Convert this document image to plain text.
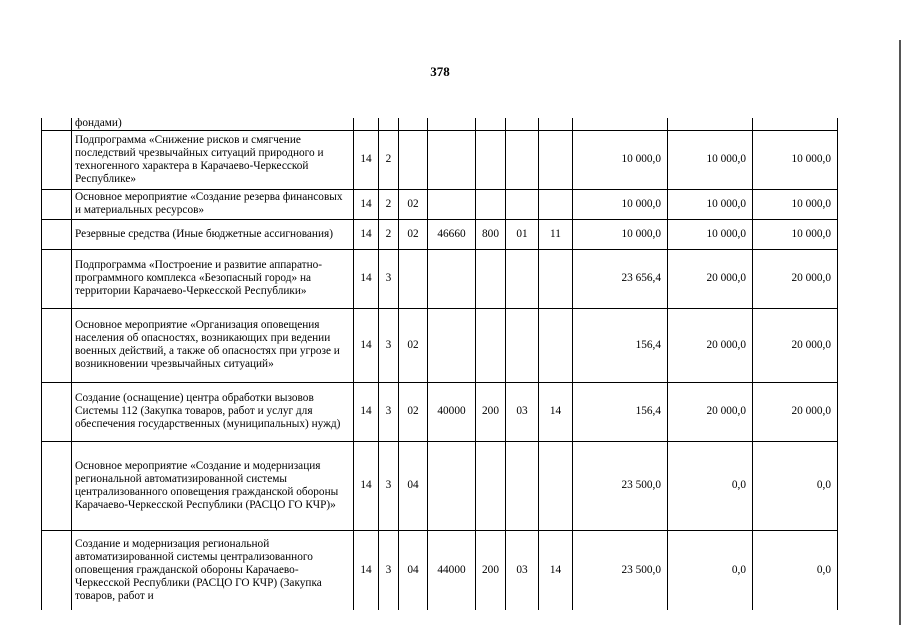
378
	фондами)										
	Подпрограмма «Снижение рисков и смягчение последствий чрезвычайных ситуаций природного и техногенного характера в Карачаево-Черкесской Республике»	14	2						10 000,0	10 000,0	10 000,0
	Основное мероприятие «Создание резерва финансовых и материальных ресурсов»	14	2	02					10 000,0	10 000,0	10 000,0
	Резервные средства (Иные бюджетные ассигнования)	14	2	02	46660	800	01	11	10 000,0	10 000,0	10 000,0
	Подпрограмма «Построение и развитие аппаратно-программного комплекса «Безопасный город» на территории Карачаево-Черкесской Республики»	14	3						23 656,4	20 000,0	20 000,0
	Основное мероприятие «Организация оповещения населения об опасностях, возникающих при ведении военных действий, а также об опасностях при угрозе и возникновении чрезвычайных ситуаций»	14	3	02					156,4	20 000,0	20 000,0
	Создание (оснащение) центра обработки вызовов Системы 112 (Закупка товаров, работ и услуг для обеспечения государственных (муниципальных) нужд)	14	3	02	40000	200	03	14	156,4	20 000,0	20 000,0
	Основное мероприятие «Создание и модернизация региональной автоматизированной системы централизованного оповещения гражданской обороны Карачаево-Черкесской Республики (РАСЦО ГО КЧР)»	14	3	04					23 500,0	0,0	0,0
	Создание и модернизация региональной автоматизированной системы централизованного оповещения гражданской обороны Карачаево-Черкесской Республики (РАСЦО ГО КЧР) (Закупка товаров, работ и	14	3	04	44000	200	03	14	23 500,0	0,0	0,0
